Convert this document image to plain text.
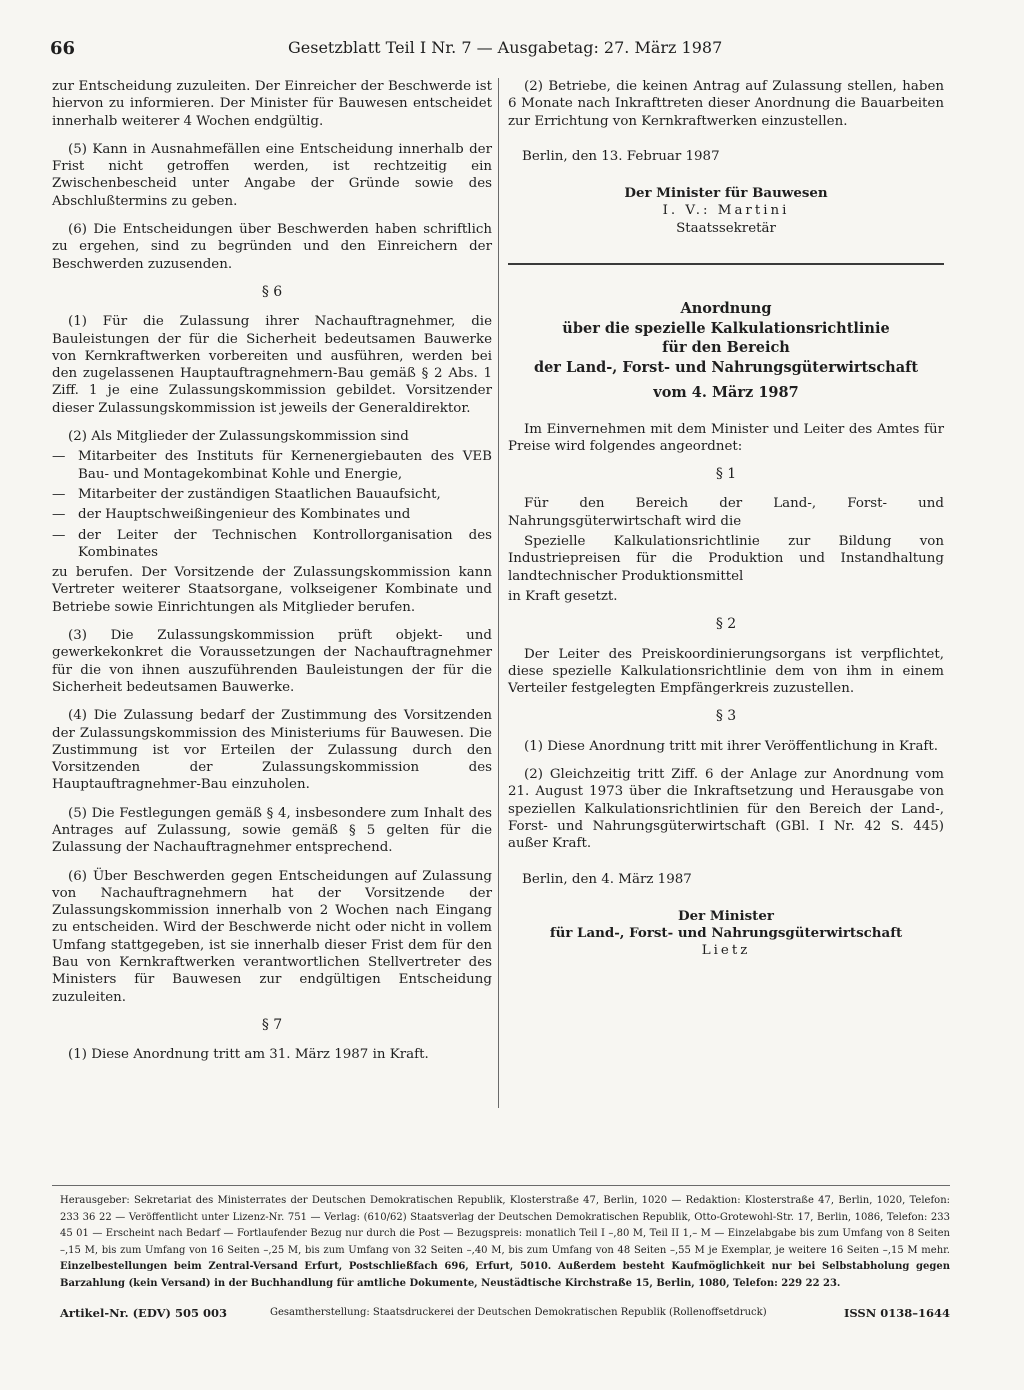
66	Gesetzblatt Teil I Nr. 7 — Ausgabetag: 27. März 1987

zur Entscheidung zuzuleiten. Der Einreicher der Beschwerde ist hiervon zu informieren. Der Minister für Bauwesen entscheidet innerhalb weiterer 4 Wochen endgültig.

(5) Kann in Ausnahmefällen eine Entscheidung innerhalb der Frist nicht getroffen werden, ist rechtzeitig ein Zwischenbescheid unter Angabe der Gründe sowie des Abschlußtermins zu geben.

(6) Die Entscheidungen über Beschwerden haben schriftlich zu ergehen, sind zu begründen und den Einreichern der Beschwerden zuzusenden.

§ 6

(1) Für die Zulassung ihrer Nachauftragnehmer, die Bauleistungen der für die Sicherheit bedeutsamen Bauwerke von Kernkraftwerken vorbereiten und ausführen, werden bei den zugelassenen Hauptauftragnehmern-Bau gemäß § 2 Abs. 1 Ziff. 1 je eine Zulassungskommission gebildet. Vorsitzender dieser Zulassungskommission ist jeweils der Generaldirektor.

(2) Als Mitglieder der Zulassungskommission sind

— Mitarbeiter des Instituts für Kernenergiebauten des VEB Bau- und Montagekombinat Kohle und Energie,
— Mitarbeiter der zuständigen Staatlichen Bauaufsicht,
— der Hauptschweißingenieur des Kombinates und
— der Leiter der Technischen Kontrollorganisation des Kombinates

zu berufen. Der Vorsitzende der Zulassungskommission kann Vertreter weiterer Staatsorgane, volkseigener Kombinate und Betriebe sowie Einrichtungen als Mitglieder berufen.

(3) Die Zulassungskommission prüft objekt- und gewerkekonkret die Voraussetzungen der Nachauftragnehmer für die von ihnen auszuführenden Bauleistungen der für die Sicherheit bedeutsamen Bauwerke.

(4) Die Zulassung bedarf der Zustimmung des Vorsitzenden der Zulassungskommission des Ministeriums für Bauwesen. Die Zustimmung ist vor Erteilen der Zulassung durch den Vorsitzenden der Zulassungskommission des Hauptauftragnehmer-Bau einzuholen.

(5) Die Festlegungen gemäß § 4, insbesondere zum Inhalt des Antrages auf Zulassung, sowie gemäß § 5 gelten für die Zulassung der Nachauftragnehmer entsprechend.

(6) Über Beschwerden gegen Entscheidungen auf Zulassung von Nachauftragnehmern hat der Vorsitzende der Zulassungskommission innerhalb von 2 Wochen nach Eingang zu entscheiden. Wird der Beschwerde nicht oder nicht in vollem Umfang stattgegeben, ist sie innerhalb dieser Frist dem für den Bau von Kernkraftwerken verantwortlichen Stellvertreter des Ministers für Bauwesen zur endgültigen Entscheidung zuzuleiten.

§ 7

(1) Diese Anordnung tritt am 31. März 1987 in Kraft.

(2) Betriebe, die keinen Antrag auf Zulassung stellen, haben 6 Monate nach Inkrafttreten dieser Anordnung die Bauarbeiten zur Errichtung von Kernkraftwerken einzustellen.

Berlin, den 13. Februar 1987
Der Minister für Bauwesen
I. V.: Martini
Staatssekretär
Anordnung
über die spezielle Kalkulationsrichtlinie
für den Bereich
der Land-, Forst- und Nahrungsgüterwirtschaft
vom 4. März 1987

Im Einvernehmen mit dem Minister und Leiter des Amtes für Preise wird folgendes angeordnet:

§ 1

Für den Bereich der Land-, Forst- und Nahrungsgüterwirtschaft wird die

Spezielle Kalkulationsrichtlinie zur Bildung von Industriepreisen für die Produktion und Instandhaltung landtechnischer Produktionsmittel

in Kraft gesetzt.

§ 2

Der Leiter des Preiskoordinierungsorgans ist verpflichtet, diese spezielle Kalkulationsrichtlinie dem von ihm in einem Verteiler festgelegten Empfängerkreis zuzustellen.

§ 3

(1) Diese Anordnung tritt mit ihrer Veröffentlichung in Kraft.

(2) Gleichzeitig tritt Ziff. 6 der Anlage zur Anordnung vom 21. August 1973 über die Inkraftsetzung und Herausgabe von speziellen Kalkulationsrichtlinien für den Bereich der Land-, Forst- und Nahrungsgüterwirtschaft (GBl. I Nr. 42 S. 445) außer Kraft.

Berlin, den 4. März 1987
Der Minister
für Land-, Forst- und Nahrungsgüterwirtschaft
Lietz
Herausgeber: Sekretariat des Ministerrates der Deutschen Demokratischen Republik, Klosterstraße 47, Berlin, 1020 — Redaktion: Klosterstraße 47, Berlin, 1020, Telefon: 233 36 22 — Veröffentlicht unter Lizenz-Nr. 751 — Verlag: (610/62) Staatsverlag der Deutschen Demokratischen Republik, Otto-Grotewohl-Str. 17, Berlin, 1086, Telefon: 233 45 01 — Erscheint nach Bedarf — Fortlaufender Bezug nur durch die Post — Bezugspreis: monatlich Teil I –,80 M, Teil II 1,– M — Einzelabgabe bis zum Umfang von 8 Seiten –,15 M, bis zum Umfang von 16 Seiten –,25 M, bis zum Umfang von 32 Seiten –,40 M, bis zum Umfang von 48 Seiten –,55 M je Exemplar, je weitere 16 Seiten –,15 M mehr. Einzelbestellungen beim Zentral-Versand Erfurt, Postschließfach 696, Erfurt, 5010. Außerdem besteht Kaufmöglichkeit nur bei Selbstabholung gegen Barzahlung (kein Versand) in der Buchhandlung für amtliche Dokumente, Neustädtische Kirchstraße 15, Berlin, 1080, Telefon: 229 22 23.
Artikel-Nr. (EDV) 505 003	Gesamtherstellung: Staatsdruckerei der Deutschen Demokratischen Republik (Rollenoffsetdruck)	ISSN 0138–1644
